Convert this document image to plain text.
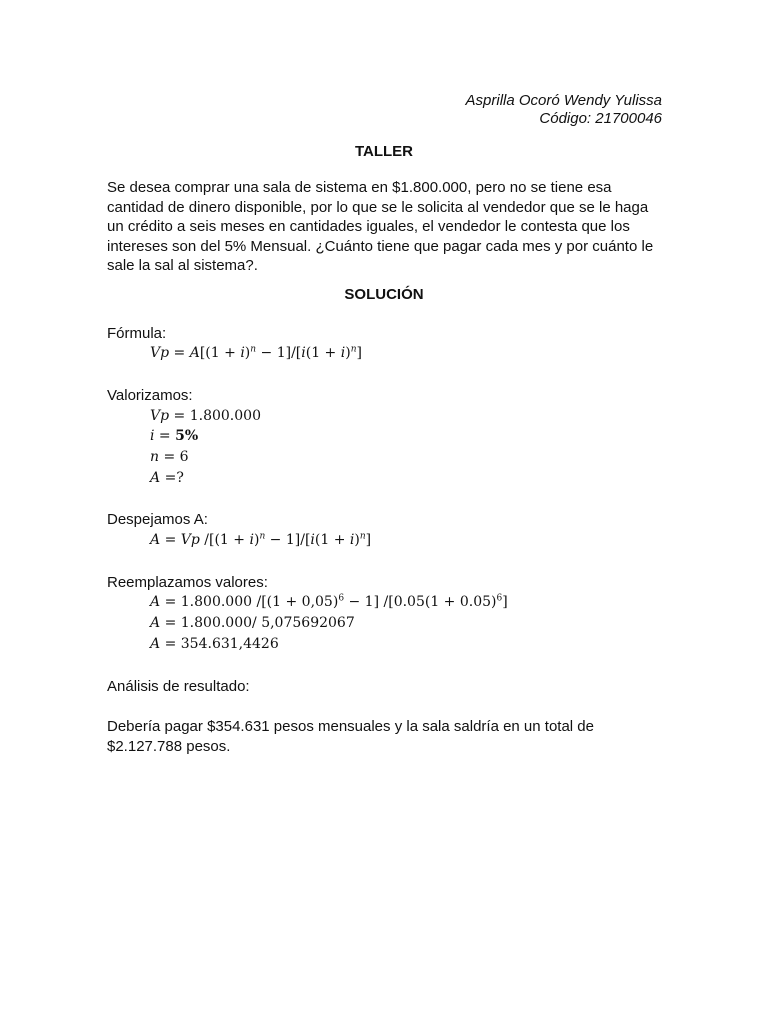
Asprilla Ocoró Wendy Yulissa
Código: 21700046
TALLER
Se desea comprar una sala de sistema en $1.800.000, pero no se tiene esa cantidad de dinero disponible, por lo que se le solicita al vendedor que se le haga un crédito a seis meses en cantidades iguales, el vendedor le contesta que los intereses son del 5% Mensual. ¿Cuánto tiene que pagar cada mes y por cuánto le sale la sal al sistema?.
SOLUCIÓN
Fórmula:
$Vp = A[(1 + i)^n - 1]/[i(1 + i)^n]$
Valorizamos:
Vp = 1.800.000
i = 5%
n = 6
A =?
Despejamos A:
A = Vp $/[(1 + i)^n - 1]/[i(1 + i)^n]$
Reemplazamos valores:
A = 1.800.000 $/[(1 + 0,05)^6 - 1]$ $/[0.05(1 + 0.05)^6]$
A = 1.800.000/ 5,075692067
A = 354.631,4426
Análisis de resultado:
Debería pagar $354.631 pesos mensuales y la sala saldría en un total de $2.127.788 pesos.
